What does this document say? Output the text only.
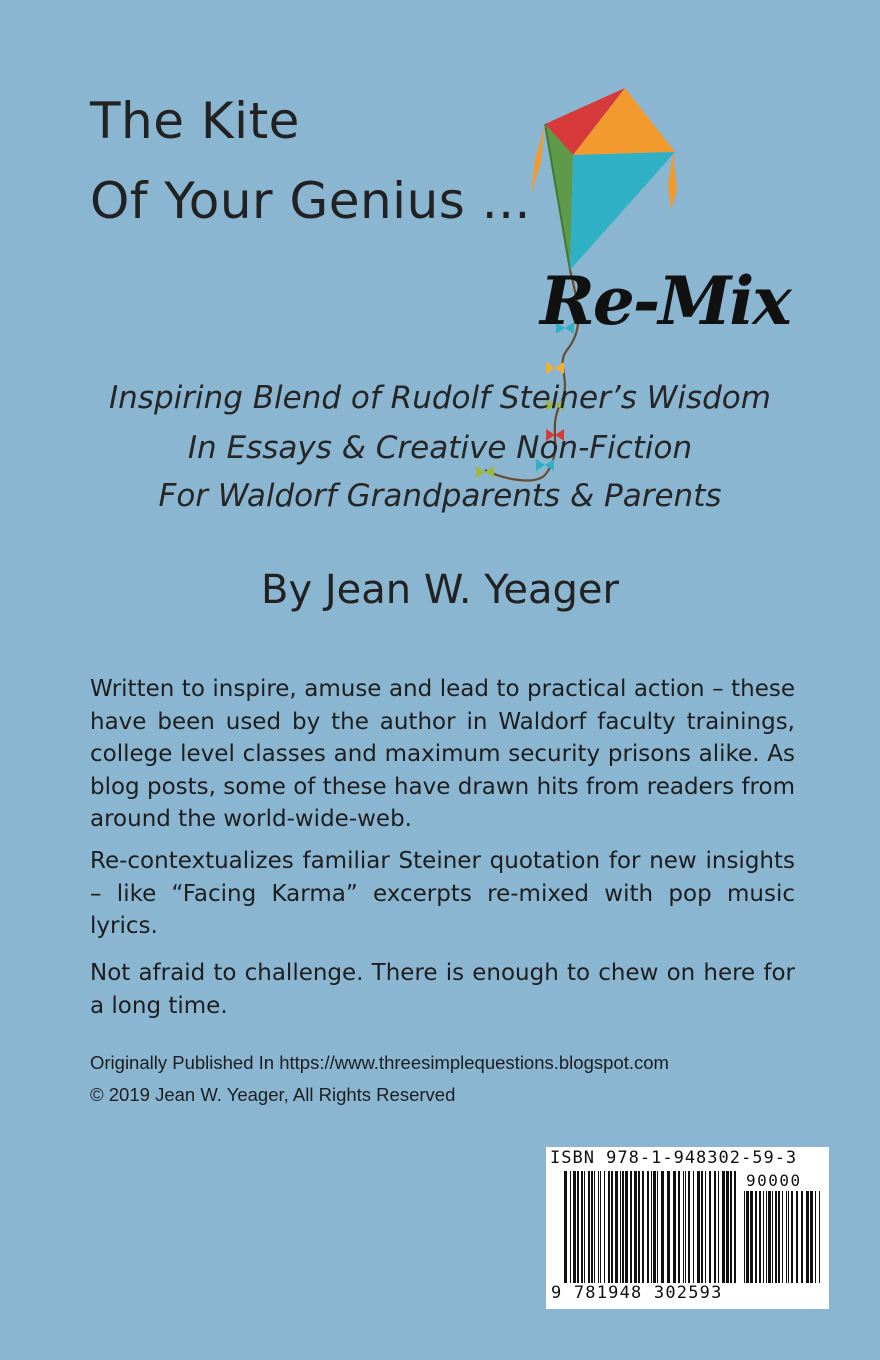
The Kite
Of Your Genius ...
Re-Mix
Inspiring Blend of Rudolf Steiner’s Wisdom
In Essays & Creative Non-Fiction
For Waldorf Grandparents & Parents
By Jean W. Yeager

Written to inspire, amuse and lead to practical action – these have been used by the author in Waldorf faculty trainings, college level classes and maximum security prisons alike. As blog posts, some of these have drawn hits from readers from around the world-wide-web.

Re-contextualizes familiar Steiner quotation for new insights – like “Facing Karma” excerpts re-mixed with pop music lyrics.

Not afraid to challenge. There is enough to chew on here for a long time.

Originally Published In https://www.threesimplequestions.blogspot.com
© 2019 Jean W. Yeager, All Rights Reserved
ISBN 978-1-948302-59-3
90000
9 781948 302593
